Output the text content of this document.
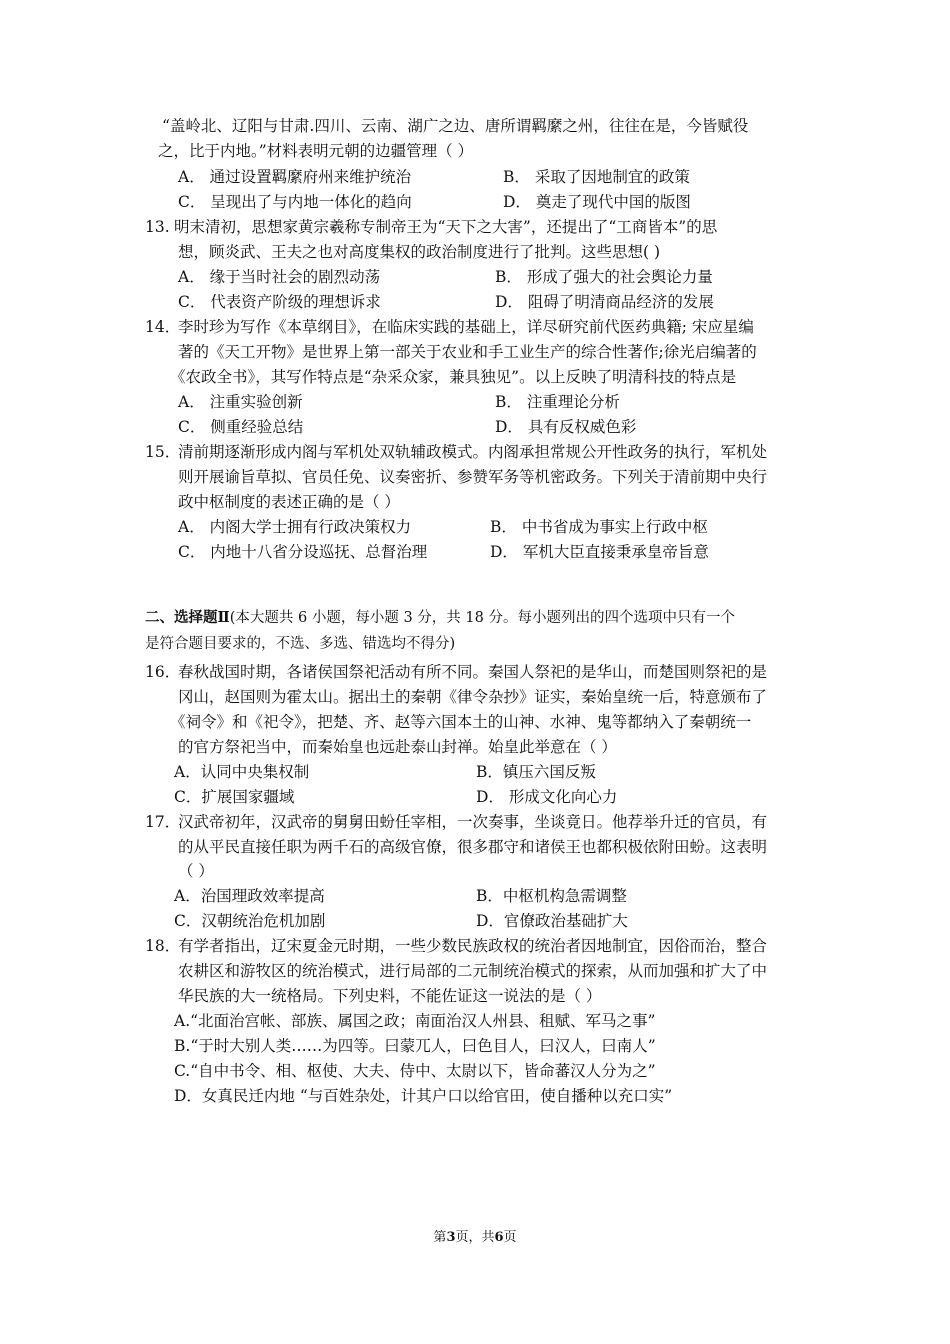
“盖岭北、辽阳与甘肃.四川、云南、湖广之边、唐所谓羁縻之州，往往在是，今皆赋役
之，比于内地。”材料表明元朝的边疆管理（ ）
A． 通过设置羁縻府州来维护统治	B． 采取了因地制宜的政策
C． 呈现出了与内地一体化的趋向	D． 奠走了现代中国的版图
13. 明末清初，思想家黄宗羲称专制帝王为“天下之大害”，还提出了“工商皆本”的思
想，顾炎武、王夫之也对高度集权的政治制度进行了批判。这些思想( )
A． 缘于当时社会的剧烈动荡	B． 形成了强大的社会舆论力量
C． 代表资产阶级的理想诉求	D． 阻碍了明清商品经济的发展
14．
李时珍为写作《本草纲目》，在临床实践的基础上，详尽研究前代医药典籍; 宋应星编
著的《天工开物》是世界上第一部关于农业和手工业生产的综合性著作;徐光启编著的
《农政全书》，其写作特点是“杂采众家，兼具独见”。以上反映了明清科技的特点是
A． 注重实验创新	B． 注重理论分析
C． 侧重经验总结	D． 具有反权威色彩
15．
清前期逐渐形成内阁与军机处双轨辅政模式。内阁承担常规公开性政务的执行，军机处
则开展谕旨草拟、官员任免、议奏密折、参赞军务等机密政务。下列关于清前期中央行
政中枢制度的表述正确的是（ ）
A． 内阁大学士拥有行政决策权力	B． 中书省成为事实上行政中枢
C． 内地十八省分设巡抚、总督治理	D． 军机大臣直接秉承皇帝旨意
二、选择题Ⅱ(本大题共 6 小题，每小题 3 分，共 18 分。每小题列出的四个选项中只有一个
是符合题目要求的，不选、多选、错选均不得分)
16．
春秋战国时期，各诸侯国祭祀活动有所不同。秦国人祭祀的是华山，而楚国则祭祀的是
冈山，赵国则为霍太山。据出土的秦朝《律令杂抄》证实，秦始皇统一后，特意颁布了
《祠令》和《祀令》，把楚、齐、赵等六国本土的山神、水神、鬼等都纳入了秦朝统一
的官方祭祀当中，而秦始皇也远赴泰山封禅。始皇此举意在（ ）
A．认同中央集权制	B．镇压六国反叛
C．扩展国家疆域	D． 形成文化向心力
17．
汉武帝初年，汉武帝的舅舅田蚡任宰相，一次奏事，坐谈竟日。他荐举升迁的官员，有
的从平民直接任职为两千石的高级官僚，很多郡守和诸侯王也都积极依附田蚡。这表明
（ ）
A．治国理政效率提高	B．中枢机构急需调整
C．汉朝统治危机加剧	D．官僚政治基础扩大
18．
有学者指出，辽宋夏金元时期，一些少数民族政权的统治者因地制宜，因俗而治，整合
农耕区和游牧区的统治模式，进行局部的二元制统治模式的探索，从而加强和扩大了中
华民族的大一统格局。下列史料，不能佐证这一说法的是（ ）
A.“北面治宫帐、部族、属国之政；南面治汉人州县、租赋、军马之事”
B.“于时大别人类……为四等。曰蒙兀人，曰色目人，曰汉人，曰南人”
C.“自中书令、相、枢使、大夫、侍中、太尉以下，皆命蕃汉人分为之”
D．女真民迁内地 “与百姓杂处，计其户口以给官田，使自播种以充口实”
第3页，共6页
